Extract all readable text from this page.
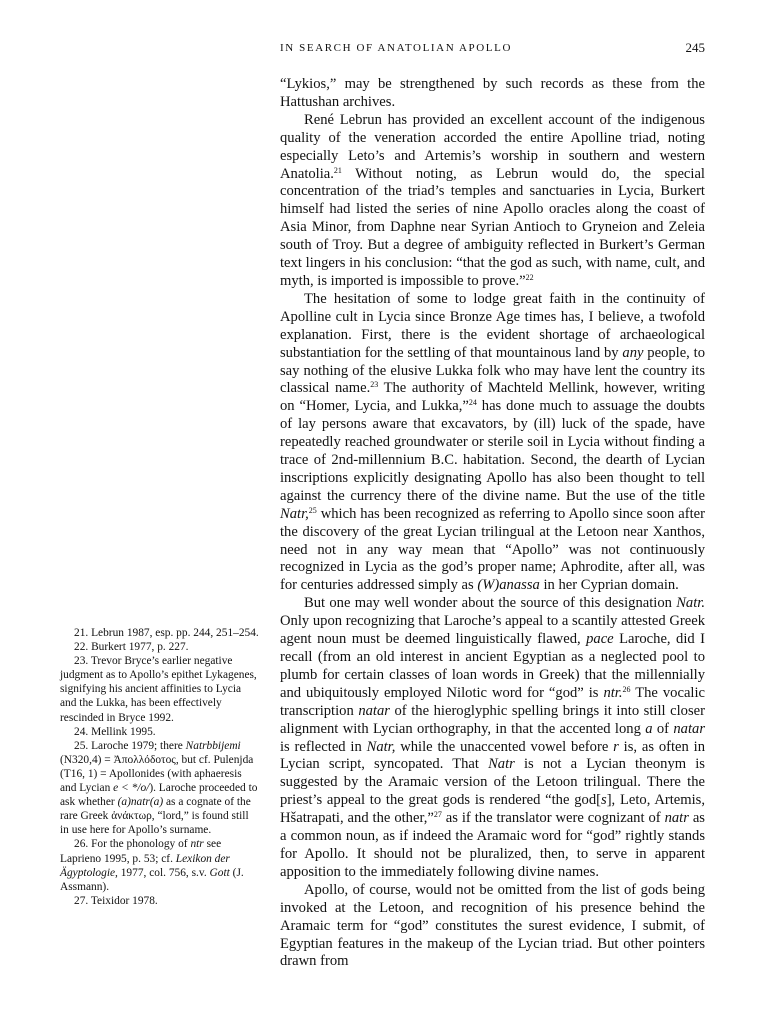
IN SEARCH OF ANATOLIAN APOLLO	245

“Lykios,” may be strengthened by such records as these from the Hattushan archives.

René Lebrun has provided an excellent account of the indigenous quality of the veneration accorded the entire Apolline triad, noting especially Leto’s and Artemis’s worship in southern and western Anatolia.$^{21}$ Without noting, as Lebrun would do, the special concentration of the triad’s temples and sanctuaries in Lycia, Burkert himself had listed the series of nine Apollo oracles along the coast of Asia Minor, from Daphne near Syrian Antioch to Gryneion and Zeleia south of Troy. But a degree of ambiguity reflected in Burkert’s German text lingers in his conclusion: “that the god as such, with name, cult, and myth, is imported is impossible to prove.”$^{22}$

The hesitation of some to lodge great faith in the continuity of Apolline cult in Lycia since Bronze Age times has, I believe, a twofold explanation. First, there is the evident shortage of archaeological substantiation for the settling of that mountainous land by any people, to say nothing of the elusive Lukka folk who may have lent the country its classical name.$^{23}$ The authority of Machteld Mellink, however, writing on “Homer, Lycia, and Lukka,”$^{24}$ has done much to assuage the doubts of lay persons aware that excavators, by (ill) luck of the spade, have repeatedly reached groundwater or sterile soil in Lycia without finding a trace of 2nd-millennium B.C. habitation. Second, the dearth of Lycian inscriptions explicitly designating Apollo has also been thought to tell against the currency there of the divine name. But the use of the title Natr,$^{25}$ which has been recognized as referring to Apollo since soon after the discovery of the great Lycian trilingual at the Letoon near Xanthos, need not in any way mean that “Apollo” was not continuously recognized in Lycia as the god’s proper name; Aphrodite, after all, was for centuries addressed simply as (W)anassa in her Cyprian domain.

But one may well wonder about the source of this designation Natr. Only upon recognizing that Laroche’s appeal to a scantily attested Greek agent noun must be deemed linguistically flawed, pace Laroche, did I recall (from an old interest in ancient Egyptian as a neglected pool to plumb for certain classes of loan words in Greek) that the millennially and ubiquitously employed Nilotic word for “god” is ntr.$^{26}$ The vocalic transcription natar of the hieroglyphic spelling brings it into still closer alignment with Lycian orthography, in that the accented long a of natar is reflected in Natr, while the unaccented vowel before r is, as often in Lycian script, syncopated. That Natr is not a Lycian theonym is suggested by the Aramaic version of the Letoon trilingual. There the priest’s appeal to the great gods is rendered “the god[s], Leto, Artemis, Hšatrapati, and the other,”$^{27}$ as if the translator were cognizant of natr as a common noun, as if indeed the Aramaic word for “god” rightly stands for Apollo. It should not be pluralized, then, to serve in apparent apposition to the immediately following divine names.

Apollo, of course, would not be omitted from the list of gods being invoked at the Letoon, and recognition of his presence behind the Aramaic term for “god” constitutes the surest evidence, I submit, of Egyptian features in the makeup of the Lycian triad. But other pointers drawn from

21. Lebrun 1987, esp. pp. 244, 251–254.

22. Burkert 1977, p. 227.

23. Trevor Bryce’s earlier negative judgment as to Apollo’s epithet Lykagenes, signifying his ancient affinities to Lycia and the Lukka, has been effectively rescinded in Bryce 1992.

24. Mellink 1995.

25. Laroche 1979; there Natrbbijemi (N320,4) = Ἀπολλόδοτος, but cf. Pulenjda (T16, 1) = Apollonides (with aphaeresis and Lycian e < */o/). Laroche proceeded to ask whether (a)natr(a) as a cognate of the rare Greek ἀνάκτωρ, “lord,” is found still in use here for Apollo’s surname.

26. For the phonology of ntr see Laprieno 1995, p. 53; cf. Lexikon der Ägyptologie, 1977, col. 756, s.v. Gott (J. Assmann).

27. Teixidor 1978.
